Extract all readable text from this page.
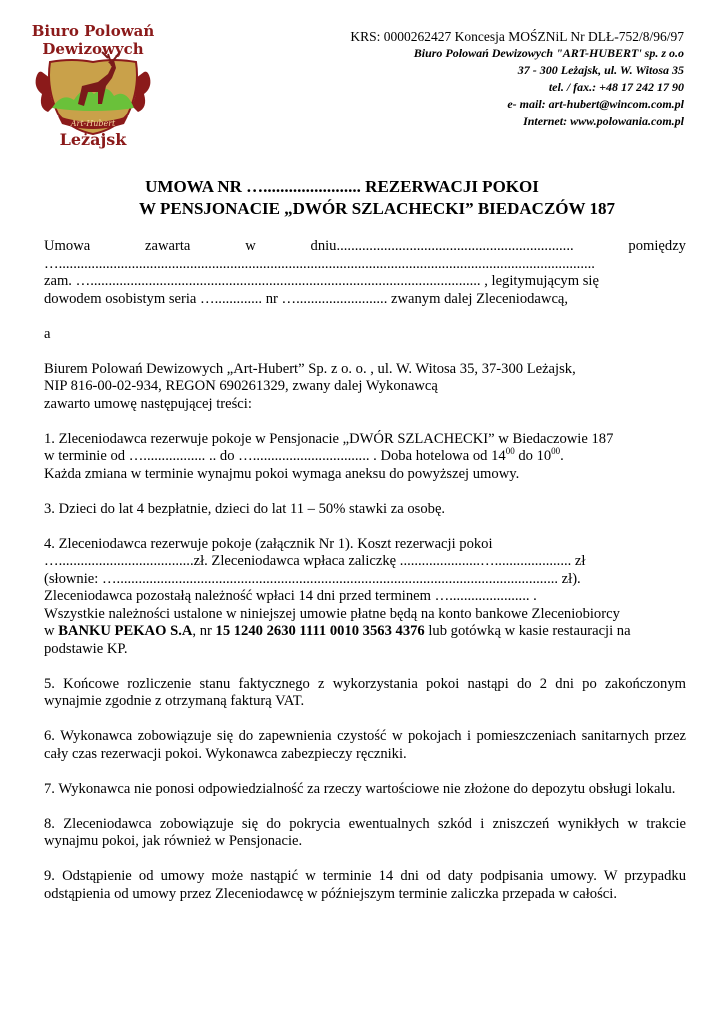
Biuro Polowań
Dewizowych
Art-Hubert
Leżajsk
KRS: 0000262427 Koncesja MOŚZNiL Nr DLŁ-752/8/96/97
Biuro Polowań Dewizowych "ART-HUBERT' sp. z o.o
37 - 300 Leżajsk, ul. W. Witosa 35
tel. / fax.: +48 17 242 17 90
e- mail: art-hubert@wincom.com.pl
Internet: www.polowania.com.pl
UMOWA NR …....................... REZERWACJI POKOI
W PENSJONACIE „DWÓR SZLACHECKI” BIEDACZÓW 187
Umowa	zawarta	w	dniu.................................................................	pomiędzy
…...................................................................................................................................................
zam. …........................................................................................................... , legitymującym się
dowodem osobistym seria …............. nr …......................... zwanym dalej Zleceniodawcą,
a
Biurem Polowań Dewizowych „Art-Hubert” Sp. z o. o. , ul. W. Witosa 35, 37-300 Leżajsk,
NIP 816-00-02-934, REGON 690261329, zwany dalej Wykonawcą
zawarto umowę następującej treści:
1. Zleceniodawca rezerwuje pokoje w Pensjonacie „DWÓR SZLACHECKI” w Biedaczowie 187
w terminie od …................. .. do …................................ . Doba hotelowa od $14^{00}$ do $10^{00}$.
Każda zmiana w terminie wynajmu pokoi wymaga aneksu do powyższej umowy.
3. Dzieci do lat 4 bezpłatnie, dzieci do lat 11 – 50% stawki za osobę.
4. Zleceniodawca rezerwuje pokoje (załącznik Nr 1). Koszt rezerwacji pokoi
….....................................zł. Zleceniodawca wpłaca zaliczkę ......................…..................... zł
(słownie: …......................................................................................................................... zł).
Zleceniodawca pozostałą należność wpłaci 14 dni przed terminem …...................... .
Wszystkie należności ustalone w niniejszej umowie płatne będą na konto bankowe Zleceniobiorcy
w BANKU PEKAO S.A, nr 15 1240 2630 1111 0010 3563 4376 lub gotówką w kasie restauracji na
podstawie KP.

5. Końcowe rozliczenie stanu faktycznego z wykorzystania pokoi nastąpi do 2 dni po zakończonym wynajmie zgodnie z otrzymaną fakturą VAT.

6. Wykonawca zobowiązuje się do zapewnienia czystość w pokojach i pomieszczeniach sanitarnych przez cały czas rezerwacji pokoi. Wykonawca zabezpieczy ręczniki.

7. Wykonawca nie ponosi odpowiedzialność za rzeczy wartościowe nie złożone do depozytu obsługi lokalu.

8. Zleceniodawca zobowiązuje się do pokrycia ewentualnych szkód i zniszczeń wynikłych w trakcie wynajmu pokoi, jak również w Pensjonacie.

9. Odstąpienie od umowy może nastąpić w terminie 14 dni od daty podpisania umowy. W przypadku odstąpienia od umowy przez Zleceniodawcę w późniejszym terminie zaliczka przepada w całości.
